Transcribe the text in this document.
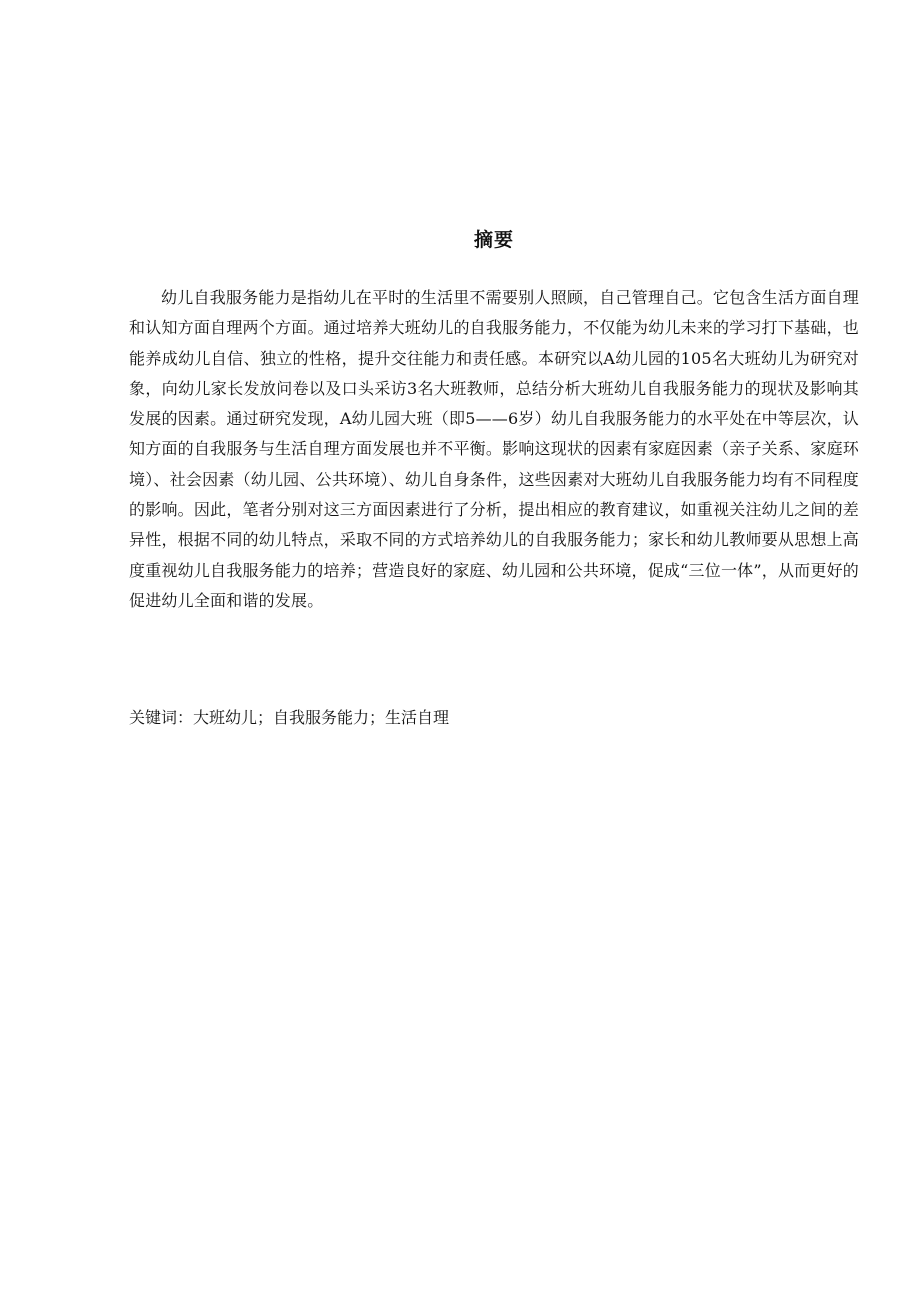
摘要

幼儿自我服务能力是指幼儿在平时的生活里不需要别人照顾，自己管理自己。它包含生活方面自理和认知方面自理两个方面。通过培养大班幼儿的自我服务能力，不仅能为幼儿未来的学习打下基础，也能养成幼儿自信、独立的性格，提升交往能力和责任感。本研究以A幼儿园的105名大班幼儿为研究对象，向幼儿家长发放问卷以及口头采访3名大班教师，总结分析大班幼儿自我服务能力的现状及影响其发展的因素。通过研究发现，A幼儿园大班（即5——6岁）幼儿自我服务能力的水平处在中等层次，认知方面的自我服务与生活自理方面发展也并不平衡。影响这现状的因素有家庭因素（亲子关系、家庭环境）、社会因素（幼儿园、公共环境）、幼儿自身条件，这些因素对大班幼儿自我服务能力均有不同程度的影响。因此，笔者分别对这三方面因素进行了分析，提出相应的教育建议，如重视关注幼儿之间的差异性，根据不同的幼儿特点，采取不同的方式培养幼儿的自我服务能力；家长和幼儿教师要从思想上高度重视幼儿自我服务能力的培养；营造良好的家庭、幼儿园和公共环境，促成“三位一体”，从而更好的促进幼儿全面和谐的发展。

关键词：大班幼儿；自我服务能力；生活自理
